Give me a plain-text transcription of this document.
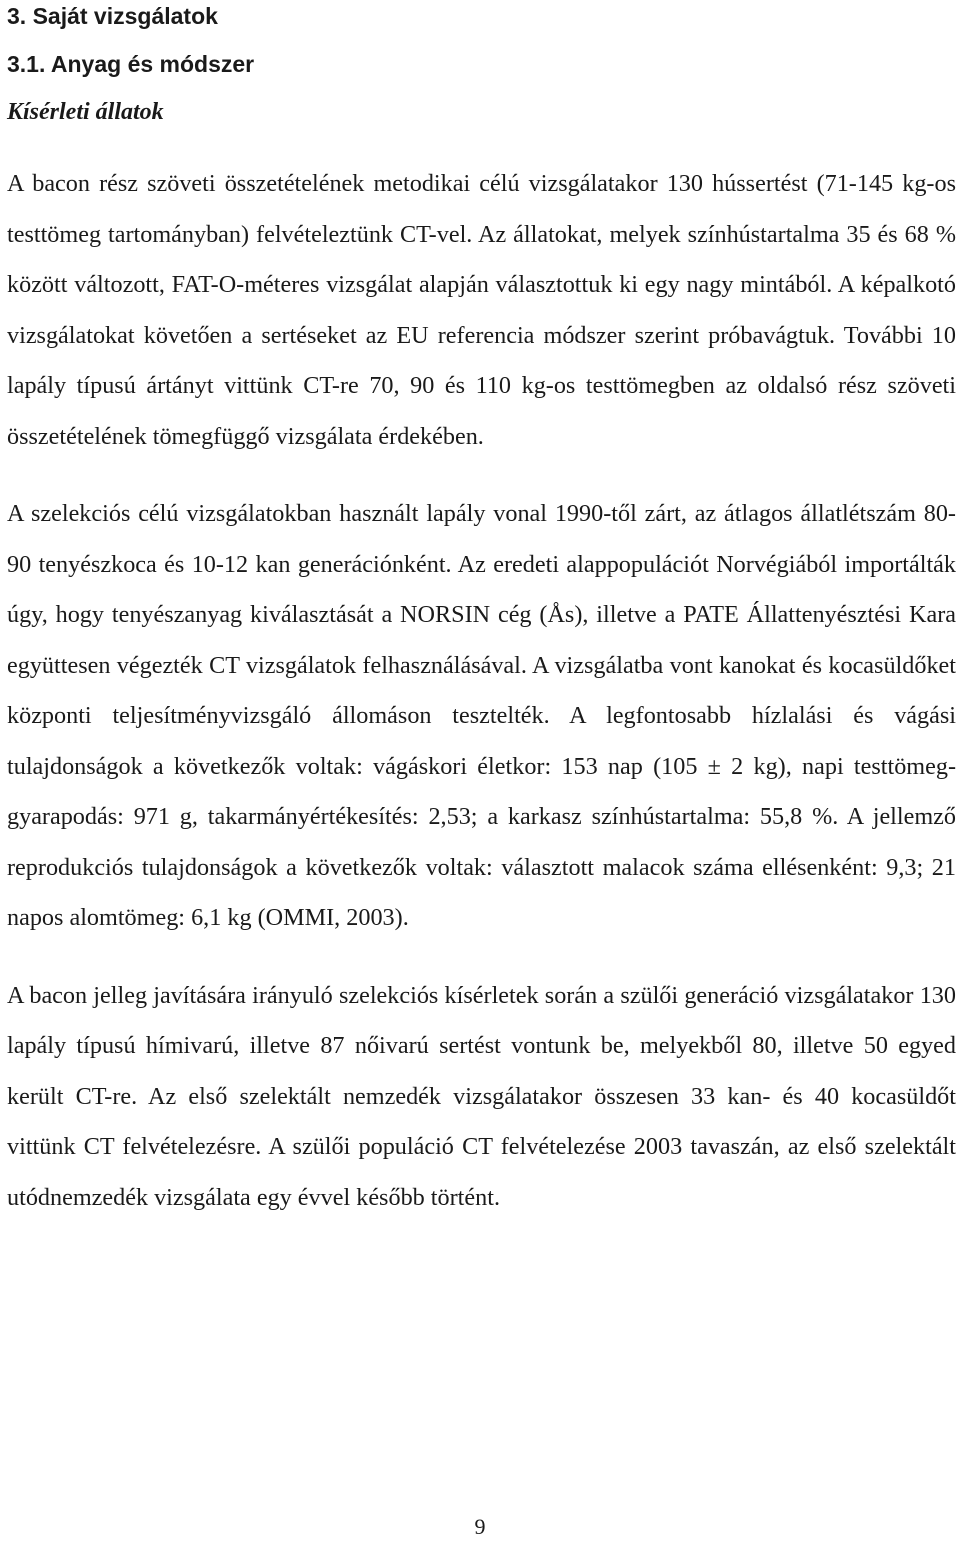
3. Saját vizsgálatok
3.1. Anyag és módszer
Kísérleti állatok

A bacon rész szöveti összetételének metodikai célú vizsgálatakor 130 hússertést (71-145 kg-os testtömeg tartományban) felvételeztünk CT-vel. Az állatokat, melyek színhústartalma 35 és 68 % között változott, FAT-O-méteres vizsgálat alapján választottuk ki egy nagy mintából. A képalkotó vizsgálatokat követően a sertéseket az EU referencia módszer szerint próbavágtuk. További 10 lapály típusú ártányt vittünk CT-re 70, 90 és 110 kg-os testtömegben az oldalsó rész szöveti összetételének tömegfüggő vizsgálata érdekében.

A szelekciós célú vizsgálatokban használt lapály vonal 1990-től zárt, az átlagos állatlétszám 80-90 tenyészkoca és 10-12 kan generációnként. Az eredeti alappopulációt Norvégiából importálták úgy, hogy tenyészanyag kiválasztását a NORSIN cég (Ås), illetve a PATE Állattenyésztési Kara együttesen végezték CT vizsgálatok felhasználásával. A vizsgálatba vont kanokat és kocasüldőket központi teljesítményvizsgáló állomáson tesztelték. A legfontosabb hízlalási és vágási tulajdonságok a következők voltak: vágáskori életkor: 153 nap (105 ± 2 kg), napi testtömeg-gyarapodás: 971 g, takarmányértékesítés: 2,53; a karkasz színhústartalma: 55,8 %. A jellemző reprodukciós tulajdonságok a következők voltak: választott malacok száma ellésenként: 9,3; 21 napos alomtömeg: 6,1 kg (OMMI, 2003).

A bacon jelleg javítására irányuló szelekciós kísérletek során a szülői generáció vizsgálatakor 130 lapály típusú hímivarú, illetve 87 nőivarú sertést vontunk be, melyekből 80, illetve 50 egyed került CT-re. Az első szelektált nemzedék vizsgálatakor összesen 33 kan- és 40 kocasüldőt vittünk CT felvételezésre. A szülői populáció CT felvételezése 2003 tavaszán, az első szelektált utódnemzedék vizsgálata egy évvel később történt.

9
